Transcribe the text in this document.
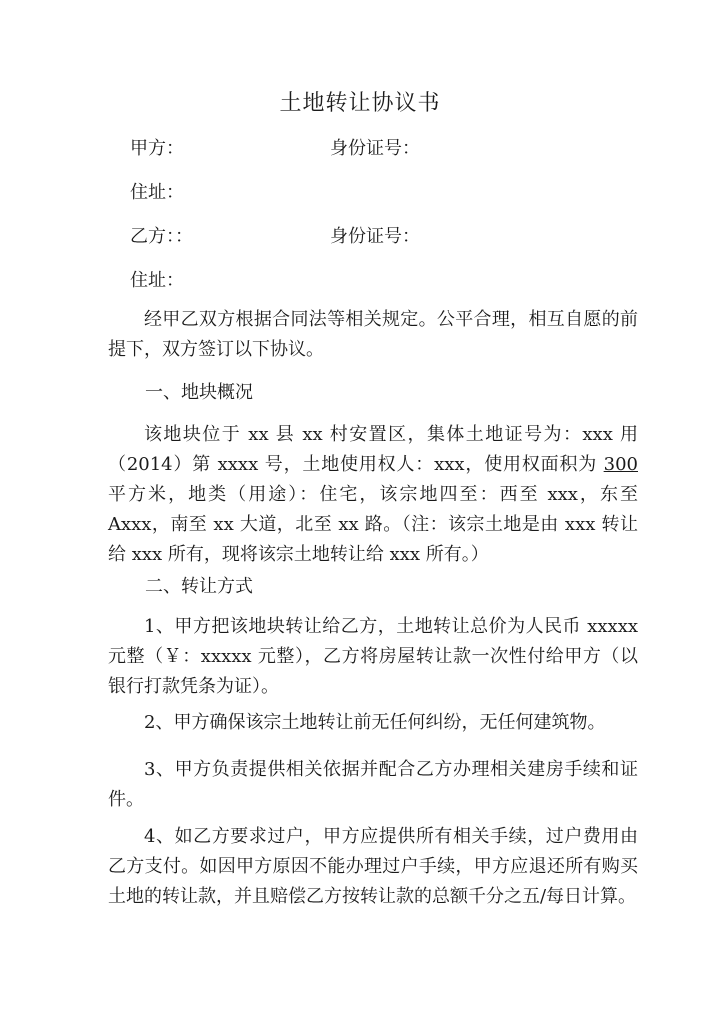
土地转让协议书
甲方：	身份证号：
住址：
乙方：：	身份证号：
住址：
经甲乙双方根据合同法等相关规定。公平合理，相互自愿的前提下，双方签订以下协议。
一、地块概况
该地块位于 xx 县 xx 村安置区，集体土地证号为：xxx 用（2014）第 xxxx 号，土地使用权人：xxx，使用权面积为 300 平方米，地类（用途）：住宅，该宗地四至：西至 xxx，东至 Axxx，南至 xx 大道，北至 xx 路。（注：该宗土地是由 xxx 转让给 xxx 所有，现将该宗土地转让给 xxx 所有。）
二、转让方式
1、甲方把该地块转让给乙方，土地转让总价为人民币 xxxxx 元整（￥：xxxxx 元整），乙方将房屋转让款一次性付给甲方（以银行打款凭条为证）。
2、甲方确保该宗土地转让前无任何纠纷，无任何建筑物。
3、甲方负责提供相关依据并配合乙方办理相关建房手续和证件。
4、如乙方要求过户，甲方应提供所有相关手续，过户费用由乙方支付。如因甲方原因不能办理过户手续，甲方应退还所有购买土地的转让款，并且赔偿乙方按转让款的总额千分之五/每日计算。
